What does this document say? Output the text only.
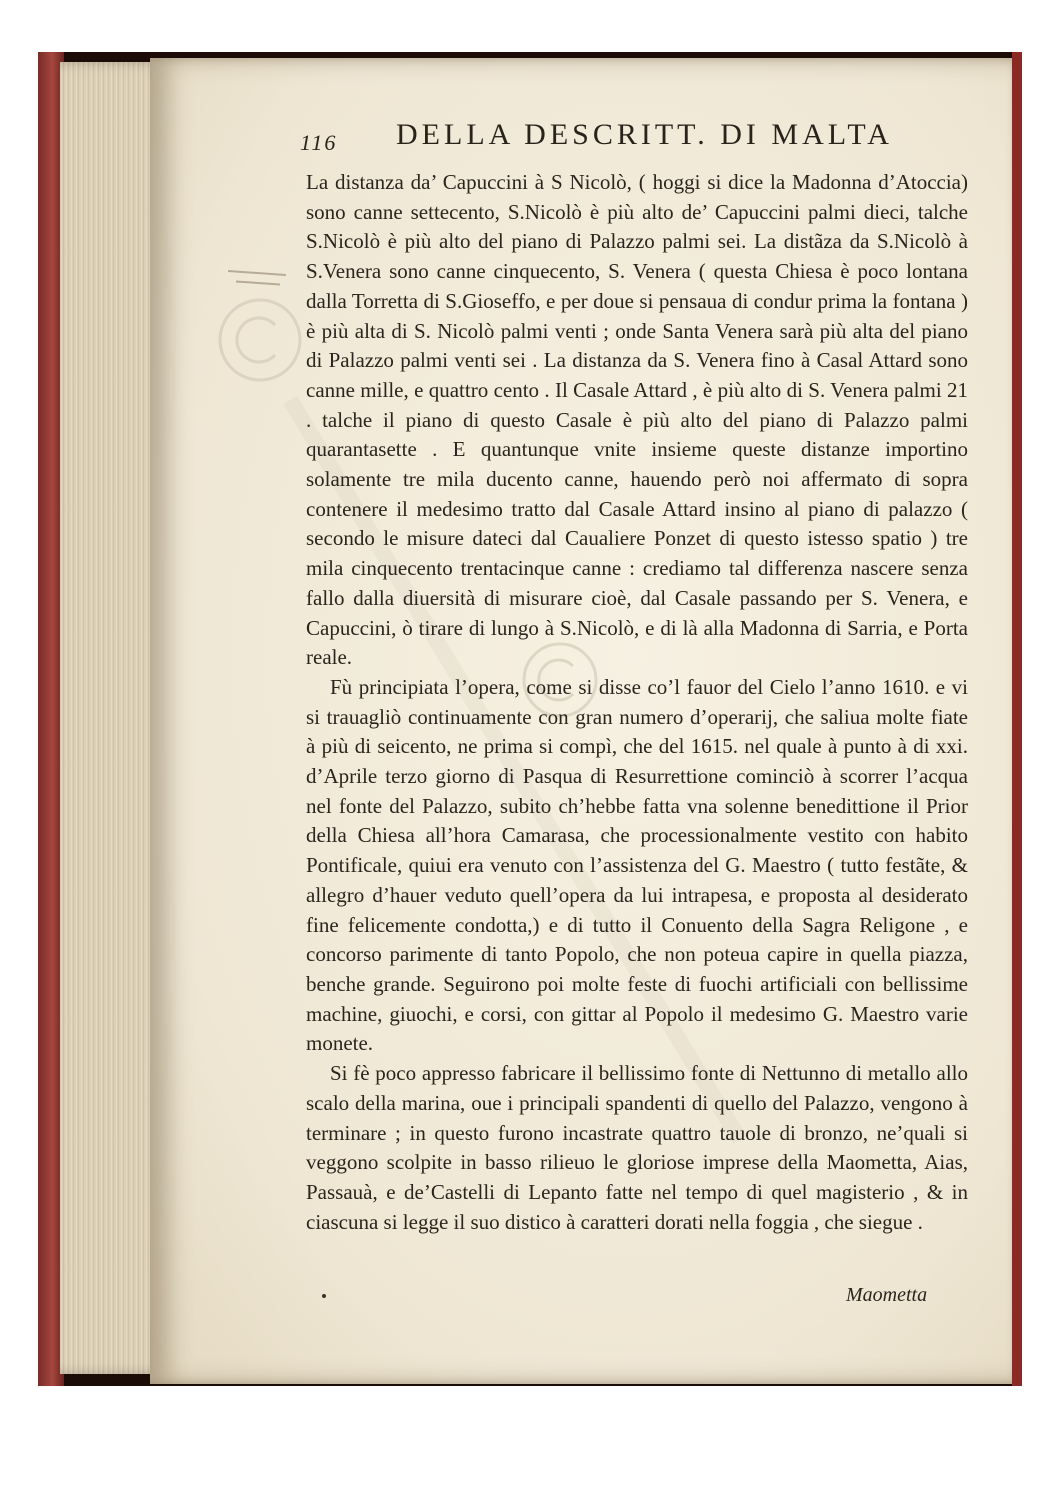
116 DELLA DESCRITT. DI MALTA

La distanza da’ Capuccini à S Nicolò, ( hoggi si dice la Madonna d’Atoccia) sono canne settecento, S.Nicolò è più alto de’ Capuccini palmi dieci, talche S.Nicolò è più alto del piano di Palazzo palmi sei. La distãza da S.Nicolò à S.Venera sono canne cinquecento, S. Venera ( questa Chiesa è poco lontana dalla Torretta di S.Gioseffo, e per doue si pensaua di condur prima la fontana ) è più alta di S. Nicolò palmi venti ; onde Santa Venera sarà più alta del piano di Palazzo palmi venti sei . La distanza da S. Venera fino à Casal Attard sono canne mille, e quattro cento . Il Casale Attard , è più alto di S. Venera palmi 21 . talche il piano di questo Casale è più alto del piano di Palazzo palmi quarantasette . E quantunque vnite insieme queste distanze importino solamente tre mila ducento canne, hauendo però noi affermato di sopra contenere il medesimo tratto dal Casale Attard insino al piano di palazzo ( secondo le misure dateci dal Caualiere Ponzet di questo istesso spatio ) tre mila cinquecento trentacinque canne : crediamo tal differenza nascere senza fallo dalla diuersità di misurare cioè, dal Casale passando per S. Venera, e Capuccini, ò tirare di lungo à S.Nicolò, e di là alla Madonna di Sarria, e Porta reale.

Fù principiata l’opera, come si disse co’l fauor del Cielo l’anno 1610. e vi si trauagliò continuamente con gran numero d’operarij, che saliua molte fiate à più di seicento, ne prima si compì, che del 1615. nel quale à punto à di xxi. d’Aprile terzo giorno di Pasqua di Resurrettione cominciò à scorrer l’acqua nel fonte del Palazzo, subito ch’hebbe fatta vna solenne benedittione il Prior della Chiesa all’hora Camarasa, che processionalmente vestito con habito Pontificale, quiui era venuto con l’assistenza del G. Maestro ( tutto festãte, & allegro d’hauer veduto quell’opera da lui intrapesa, e proposta al desiderato fine felicemente condotta,) e di tutto il Conuento della Sagra Religone , e concorso parimente di tanto Popolo, che non poteua capire in quella piazza, benche grande. Seguirono poi molte feste di fuochi artificiali con bellissime machine, giuochi, e corsi, con gittar al Popolo il medesimo G. Maestro varie monete.

Si fè poco appresso fabricare il bellissimo fonte di Nettunno di metallo allo scalo della marina, oue i principali spandenti di quello del Palazzo, vengono à terminare ; in questo furono incastrate quattro tauole di bronzo, ne’quali si veggono scolpite in basso rilieuo le gloriose imprese della Maometta, Aias, Passauà, e de’Castelli di Lepanto fatte nel tempo di quel magisterio , & in ciascuna si legge il suo distico à caratteri dorati nella foggia , che siegue .

Maometta
